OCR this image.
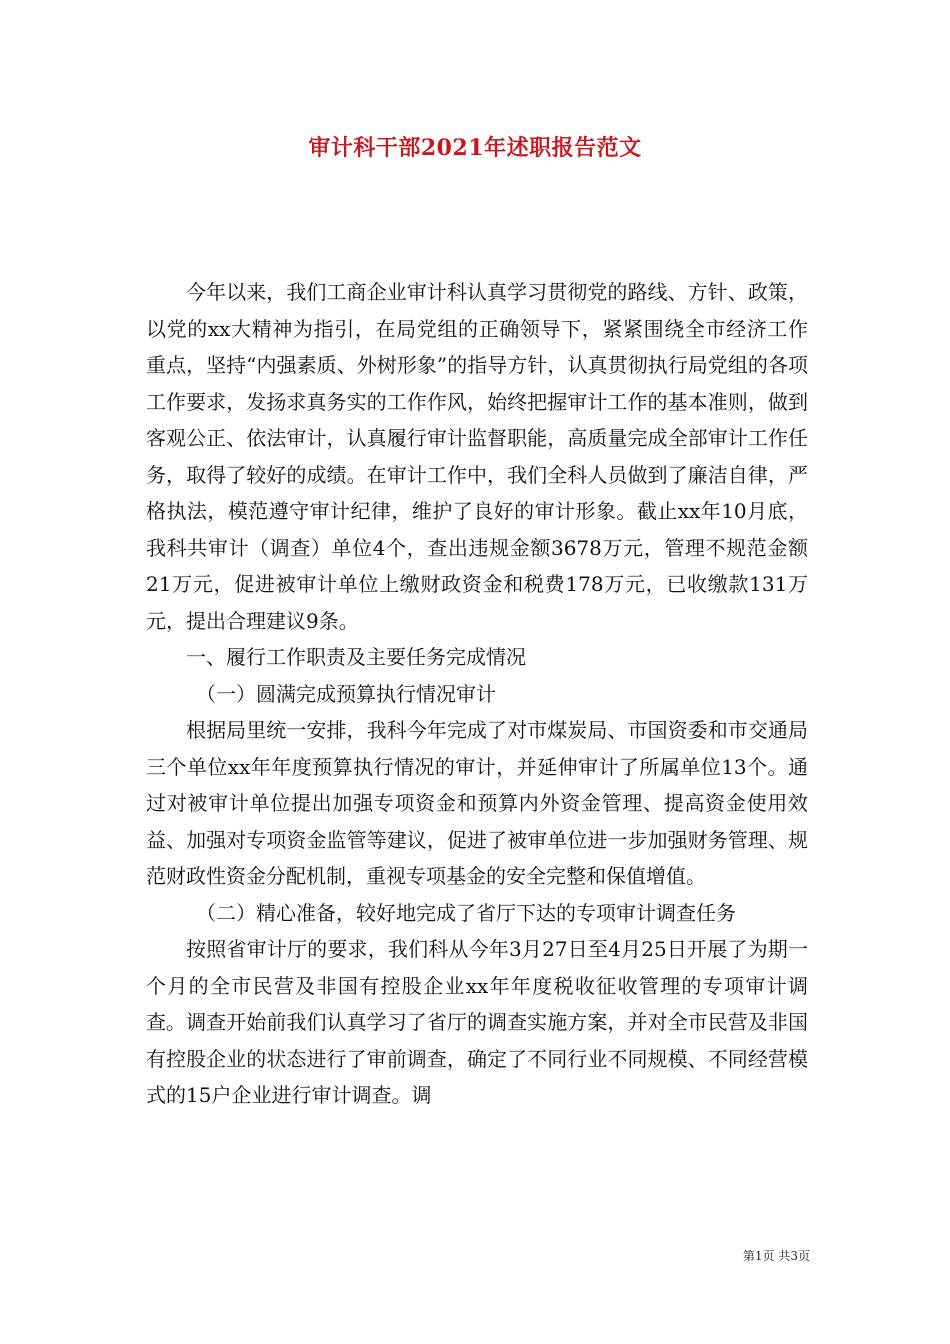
审计科干部2021年述职报告范文

今年以来，我们工商企业审计科认真学习贯彻党的路线、方针、政策，以党的xx大精神为指引，在局党组的正确领导下，紧紧围绕全市经济工作重点，坚持“内强素质、外树形象”的指导方针，认真贯彻执行局党组的各项工作要求，发扬求真务实的工作作风，始终把握审计工作的基本准则，做到客观公正、依法审计，认真履行审计监督职能，高质量完成全部审计工作任务，取得了较好的成绩。在审计工作中，我们全科人员做到了廉洁自律，严格执法，模范遵守审计纪律，维护了良好的审计形象。截止xx年10月底，我科共审计（调查）单位4个，查出违规金额3678万元，管理不规范金额21万元，促进被审计单位上缴财政资金和税费178万元，已收缴款131万元，提出合理建议9条。

一、履行工作职责及主要任务完成情况

（一）圆满完成预算执行情况审计

根据局里统一安排，我科今年完成了对市煤炭局、市国资委和市交通局三个单位xx年年度预算执行情况的审计，并延伸审计了所属单位13个。通过对被审计单位提出加强专项资金和预算内外资金管理、提高资金使用效益、加强对专项资金监管等建议，促进了被审单位进一步加强财务管理、规范财政性资金分配机制，重视专项基金的安全完整和保值增值。

（二）精心准备，较好地完成了省厅下达的专项审计调查任务

按照省审计厅的要求，我们科从今年3月27日至4月25日开展了为期一个月的全市民营及非国有控股企业xx年年度税收征收管理的专项审计调查。调查开始前我们认真学习了省厅的调查实施方案，并对全市民营及非国有控股企业的状态进行了审前调查，确定了不同行业不同规模、不同经营模式的15户企业进行审计调查。调

第1页 共3页
